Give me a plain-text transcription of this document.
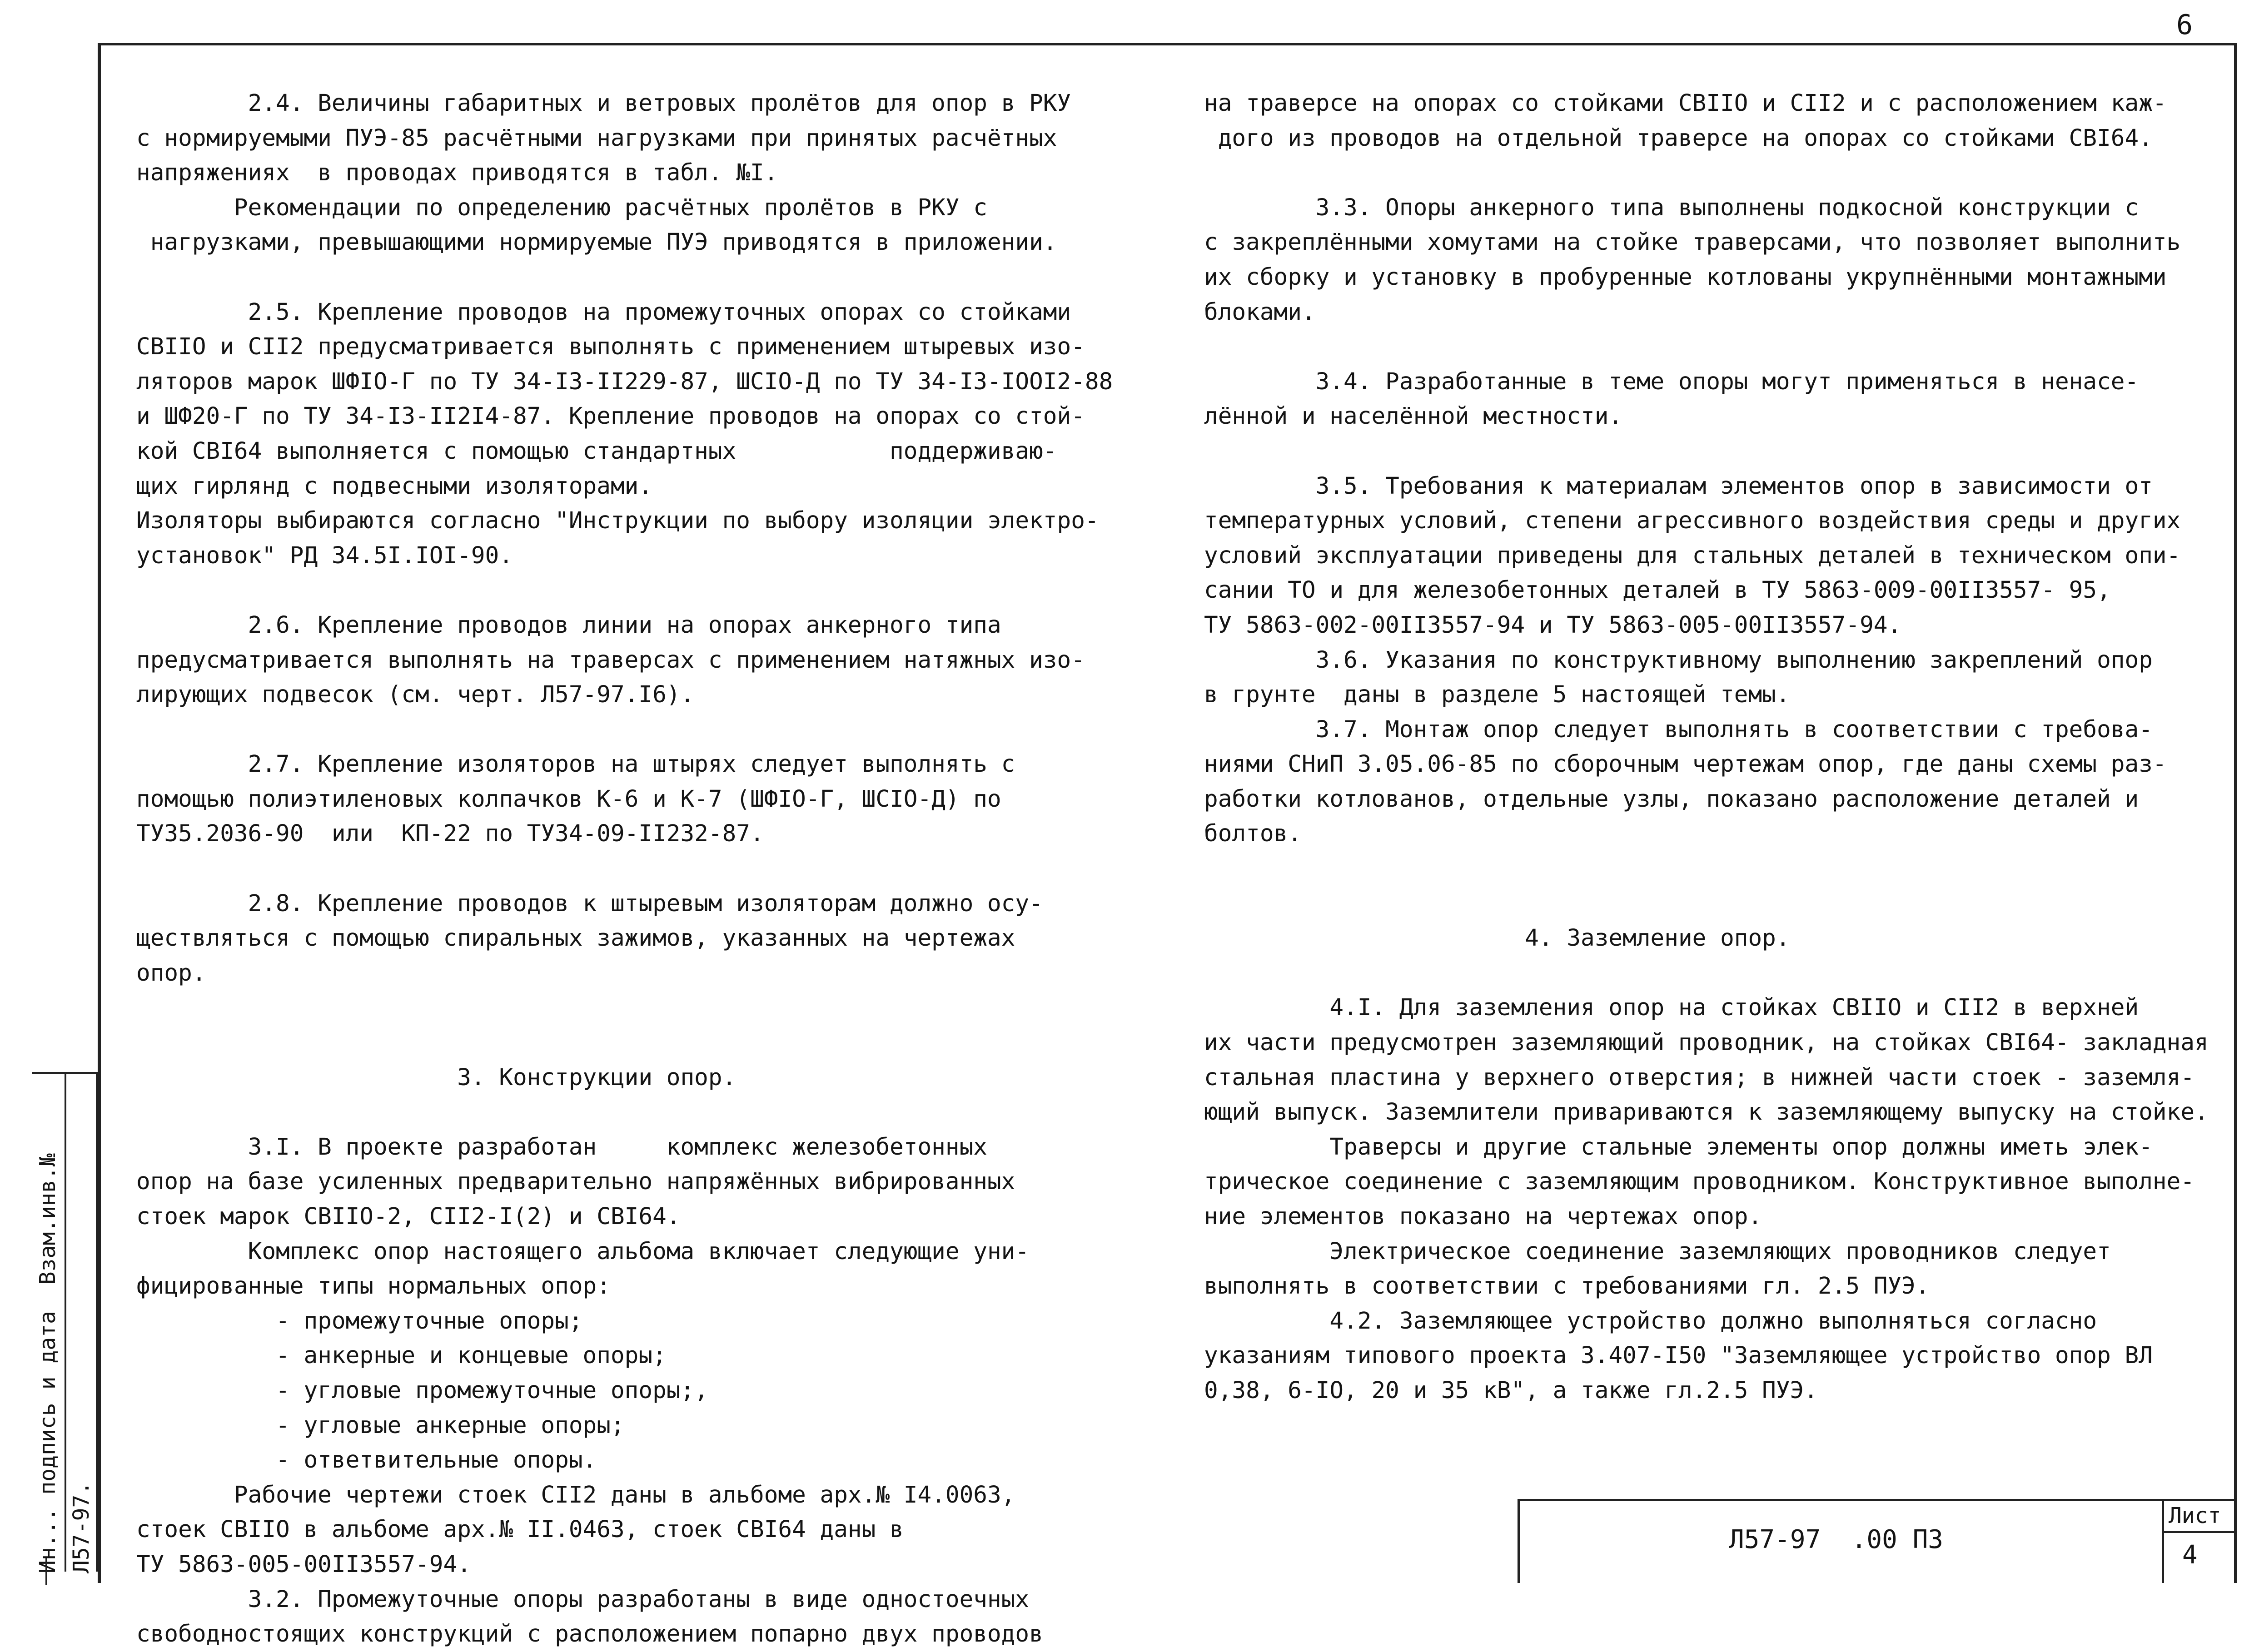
6

2.4. Величины габаритных и ветровых пролётов для опор в РКУ

с нормируемыми ПУЭ-85 расчётными нагрузками при принятых расчётных

напряжениях  в проводах приводятся в табл. №I.

Рекомендации по определению расчётных пролётов в РКУ с

нагрузками, превышающими нормируемые ПУЭ приводятся в приложении.

2.5. Крепление проводов на промежуточных опорах со стойками

СВIIO и СII2 предусматривается выполнять с применением штыревых изо-

ляторов марок ШФIO-Г по ТУ 34-I3-II229-87, ШСIO-Д по ТУ 34-I3-IOOI2-88

и ШФ20-Г по ТУ 34-I3-II2I4-87. Крепление проводов на опорах со стой-

кой СВI64 выполняется с помощью стандартных           поддерживаю-

щих гирлянд с подвесными изоляторами.

Изоляторы выбираются согласно "Инструкции по выбору изоляции электро-

установок" РД 34.5I.IOI-90.

2.6. Крепление проводов линии на опорах анкерного типа

предусматривается выполнять на траверсах с применением натяжных изо-

лирующих подвесок (см. черт. Л57-97.I6).

2.7. Крепление изоляторов на штырях следует выполнять с

помощью полиэтиленовых колпачков К-6 и К-7 (ШФIO-Г, ШСIO-Д) по

ТУ35.2036-90  или  КП-22 по ТУ34-09-II232-87.

2.8. Крепление проводов к штыревым изоляторам должно осу-

ществляться с помощью спиральных зажимов, указанных на чертежах

опор.

3. Конструкции опор.

3.I. В проекте разработан     комплекс железобетонных

опор на базе усиленных предварительно напряжённых вибрированных

стоек марок СВIIO-2, СII2-I(2) и СВI64.

Комплекс опор настоящего альбома включает следующие уни-

фицированные типы нормальных опор:

- промежуточные опоры;

- анкерные и концевые опоры;

- угловые промежуточные опоры;,

- угловые анкерные опоры;

- ответвительные опоры.

Рабочие чертежи стоек СII2 даны в альбоме арх.№ I4.0063,

стоек СВIIO в альбоме арх.№ II.0463, стоек СВI64 даны в

ТУ 5863-005-00II3557-94.

3.2. Промежуточные опоры разработаны в виде одностоечных

свободностоящих конструкций с расположением попарно двух проводов

на траверсе на опорах со стойками СВIIO и СII2 и с расположением каж-

дого из проводов на отдельной траверсе на опорах со стойками СВI64.

3.3. Опоры анкерного типа выполнены подкосной конструкции с

с закреплёнными хомутами на стойке траверсами, что позволяет выполнить

их сборку и установку в пробуренные котлованы укрупнёнными монтажными

блоками.

3.4. Разработанные в теме опоры могут применяться в ненасе-

лённой и населённой местности.

3.5. Требования к материалам элементов опор в зависимости от

температурных условий, степени агрессивного воздействия среды и других

условий эксплуатации приведены для стальных деталей в техническом опи-

сании ТО и для железобетонных деталей в ТУ 5863-009-00II3557- 95,

ТУ 5863-002-00II3557-94 и ТУ 5863-005-00II3557-94.

3.6. Указания по конструктивному выполнению закреплений опор

в грунте  даны в разделе 5 настоящей темы.

3.7. Монтаж опор следует выполнять в соответствии с требова-

ниями СНиП 3.05.06-85 по сборочным чертежам опор, где даны схемы раз-

работки котлованов, отдельные узлы, показано расположение деталей и

болтов.

4. Заземление опор.

4.I. Для заземления опор на стойках СВIIO и СII2 в верхней

их части предусмотрен заземляющий проводник, на стойках СВI64- закладная

стальная пластина у верхнего отверстия; в нижней части стоек - заземля-

ющий выпуск. Заземлители привариваются к заземляющему выпуску на стойке.

Траверсы и другие стальные элементы опор должны иметь элек-

трическое соединение с заземляющим проводником. Конструктивное выполне-

ние элементов показано на чертежах опор.

Электрическое соединение заземляющих проводников следует

выполнять в соответствии с требованиями гл. 2.5 ПУЭ.

4.2. Заземляющее устройство должно выполняться согласно

указаниям типового проекта 3.407-I50 "Заземляющее устройство опор ВЛ

0,38, 6-IO, 20 и 35 кВ", а также гл.2.5 ПУЭ.

Ин... подпись и дата  Взам.инв.№ Л57-97.	Л57-97  .00 ПЗ
Лист
4
